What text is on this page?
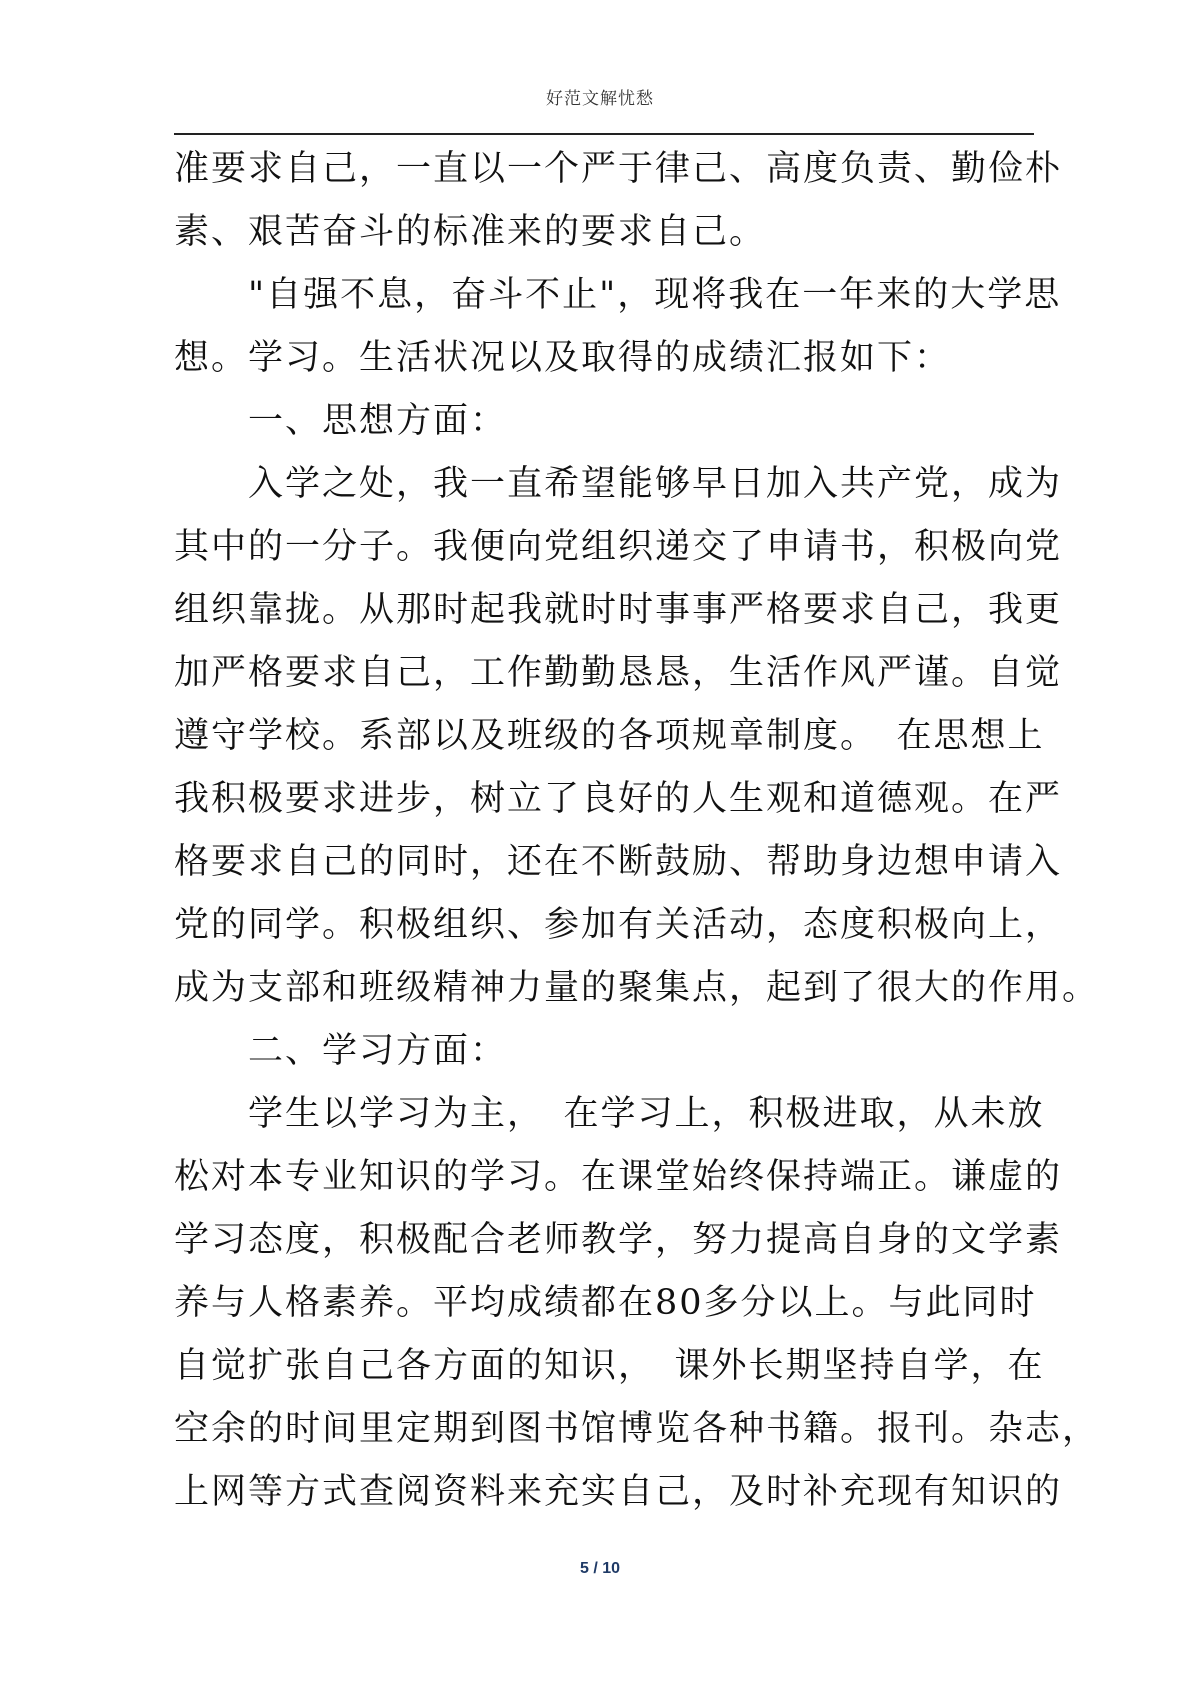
好范文解忧愁
准要求自己，一直以一个严于律己、高度负责、勤俭朴
素、艰苦奋斗的标准来的要求自己。
　　"自强不息，奋斗不止"，现将我在一年来的大学思
想。学习。生活状况以及取得的成绩汇报如下：
　　一、思想方面：
　　入学之处，我一直希望能够早日加入共产党，成为
其中的一分子。我便向党组织递交了申请书，积极向党
组织靠拢。从那时起我就时时事事严格要求自己，我更
加严格要求自己，工作勤勤恳恳，生活作风严谨。自觉
遵守学校。系部以及班级的各项规章制度。　在思想上
我积极要求进步，树立了良好的人生观和道德观。在严
格要求自己的同时，还在不断鼓励、帮助身边想申请入
党的同学。积极组织、参加有关活动，态度积极向上，
成为支部和班级精神力量的聚集点，起到了很大的作用。
　　二、学习方面：
　　学生以学习为主，　在学习上，积极进取，从未放
松对本专业知识的学习。在课堂始终保持端正。谦虚的
学习态度，积极配合老师教学，努力提高自身的文学素
养与人格素养。平均成绩都在80多分以上。与此同时
自觉扩张自己各方面的知识，　课外长期坚持自学，在
空余的时间里定期到图书馆博览各种书籍。报刊。杂志，
上网等方式查阅资料来充实自己，及时补充现有知识的
5 / 10
